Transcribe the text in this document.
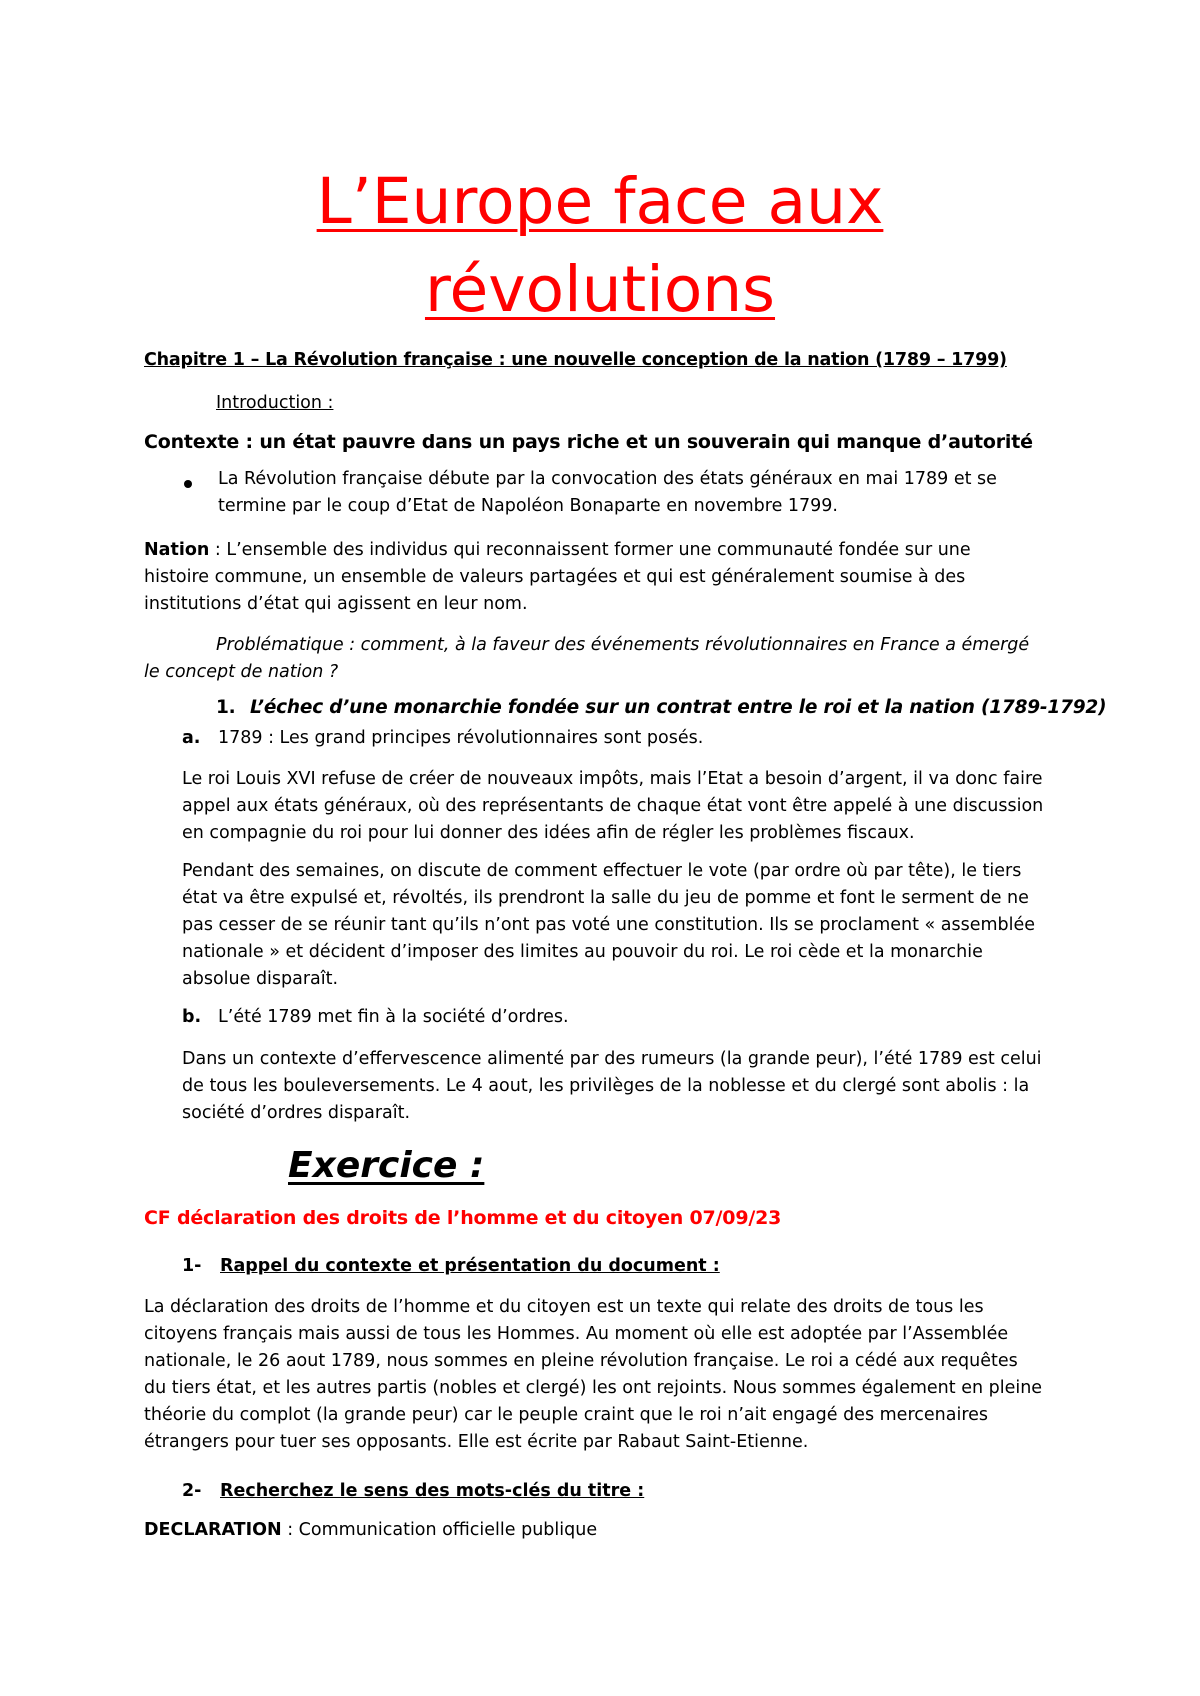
L’Europe face aux
révolutions

Chapitre 1 – La Révolution française : une nouvelle conception de la nation (1789 – 1799)

Introduction :

Contexte : un état pauvre dans un pays riche et un souverain qui manque d’autorité

La Révolution française débute par la convocation des états généraux en mai 1789 et se
termine par le coup d’Etat de Napoléon Bonaparte en novembre 1799.

Nation : L’ensemble des individus qui reconnaissent former une communauté fondée sur une
histoire commune, un ensemble de valeurs partagées et qui est généralement soumise à des
institutions d’état qui agissent en leur nom.

Problématique : comment, à la faveur des événements révolutionnaires en France a émergé
le concept de nation ?

1. L’échec d’une monarchie fondée sur un contrat entre le roi et la nation (1789-1792)

a. 1789 : Les grand principes révolutionnaires sont posés.

Le roi Louis XVI refuse de créer de nouveaux impôts, mais l’Etat a besoin d’argent, il va donc faire
appel aux états généraux, où des représentants de chaque état vont être appelé à une discussion
en compagnie du roi pour lui donner des idées afin de régler les problèmes fiscaux.

Pendant des semaines, on discute de comment effectuer le vote (par ordre où par tête), le tiers
état va être expulsé et, révoltés, ils prendront la salle du jeu de pomme et font le serment de ne
pas cesser de se réunir tant qu’ils n’ont pas voté une constitution. Ils se proclament « assemblée
nationale » et décident d’imposer des limites au pouvoir du roi. Le roi cède et la monarchie
absolue disparaît.

b. L’été 1789 met fin à la société d’ordres.

Dans un contexte d’effervescence alimenté par des rumeurs (la grande peur), l’été 1789 est celui
de tous les bouleversements. Le 4 aout, les privilèges de la noblesse et du clergé sont abolis : la
société d’ordres disparaît.

Exercice :

CF déclaration des droits de l’homme et du citoyen 07/09/23

1- Rappel du contexte et présentation du document :

La déclaration des droits de l’homme et du citoyen est un texte qui relate des droits de tous les
citoyens français mais aussi de tous les Hommes. Au moment où elle est adoptée par l’Assemblée
nationale, le 26 aout 1789, nous sommes en pleine révolution française. Le roi a cédé aux requêtes
du tiers état, et les autres partis (nobles et clergé) les ont rejoints. Nous sommes également en pleine
théorie du complot (la grande peur) car le peuple craint que le roi n’ait engagé des mercenaires
étrangers pour tuer ses opposants. Elle est écrite par Rabaut Saint-Etienne.

2- Recherchez le sens des mots-clés du titre :

DECLARATION : Communication officielle publique
